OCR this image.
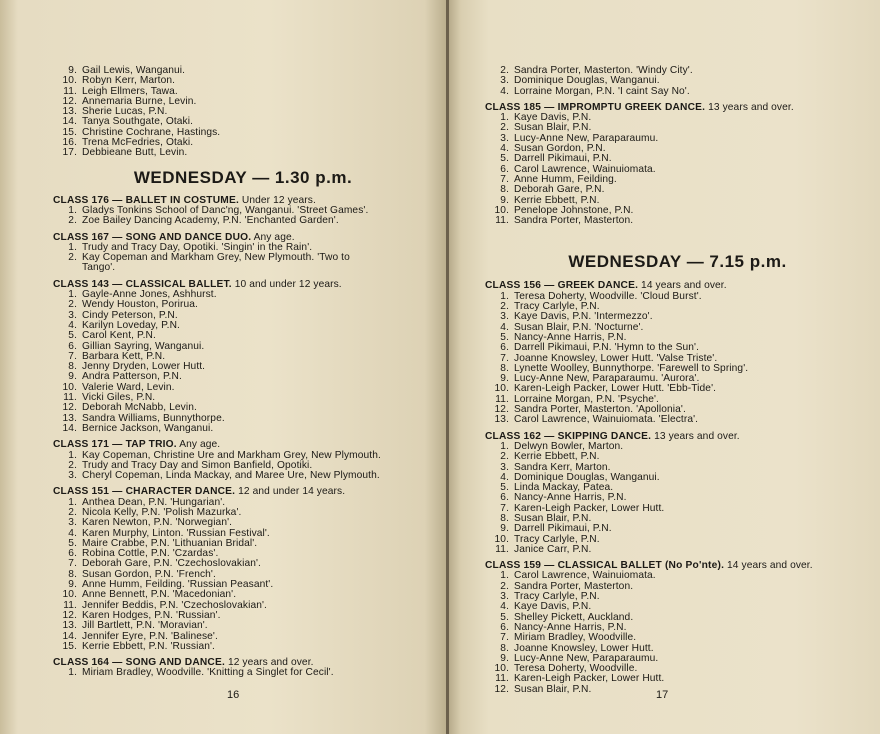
9. Gail Lewis, Wanganui.
10. Robyn Kerr, Marton.
11. Leigh Ellmers, Tawa.
12. Annemaria Burne, Levin.
13. Sherie Lucas, P.N.
14. Tanya Southgate, Otaki.
15. Christine Cochrane, Hastings.
16. Trena McFedries, Otaki.
17. Debbieane Butt, Levin.
WEDNESDAY — 1.30 p.m.
CLASS 176 — BALLET IN COSTUME. Under 12 years.
1. Gladys Tonkins School of Danc'ng, Wanganui. 'Street Games'.
2. Zoe Bailey Dancing Academy, P.N. 'Enchanted Garden'.
CLASS 167 — SONG AND DANCE DUO. Any age.
1. Trudy and Tracy Day, Opotiki. 'Singin' in the Rain'.
2. Kay Copeman and Markham Grey, New Plymouth. 'Two to
Tango'.
CLASS 143 — CLASSICAL BALLET. 10 and under 12 years.
1. Gayle-Anne Jones, Ashhurst.
2. Wendy Houston, Porirua.
3. Cindy Peterson, P.N.
4. Karilyn Loveday, P.N.
5. Carol Kent, P.N.
6. Gillian Sayring, Wanganui.
7. Barbara Kett, P.N.
8. Jenny Dryden, Lower Hutt.
9. Andra Patterson, P.N.
10. Valerie Ward, Levin.
11. Vicki Giles, P.N.
12. Deborah McNabb, Levin.
13. Sandra Williams, Bunnythorpe.
14. Bernice Jackson, Wanganui.
CLASS 171 — TAP TRIO. Any age.
1. Kay Copeman, Christine Ure and Markham Grey, New Plymouth.
2. Trudy and Tracy Day and Simon Banfield, Opotiki.
3. Cheryl Copeman, Linda Mackay, and Maree Ure, New Plymouth.
CLASS 151 — CHARACTER DANCE. 12 and under 14 years.
1. Anthea Dean, P.N. 'Hungarian'.
2. Nicola Kelly, P.N. 'Polish Mazurka'.
3. Karen Newton, P.N. 'Norwegian'.
4. Karen Murphy, Linton. 'Russian Festival'.
5. Maire Crabbe, P.N. 'Lithuanian Bridal'.
6. Robina Cottle, P.N. 'Czardas'.
7. Deborah Gare, P.N. 'Czechoslovakian'.
8. Susan Gordon, P.N. 'French'.
9. Anne Humm, Feilding. 'Russian Peasant'.
10. Anne Bennett, P.N. 'Macedonian'.
11. Jennifer Beddis, P.N. 'Czechoslovakian'.
12. Karen Hodges, P.N. 'Russian'.
13. Jill Bartlett, P.N. 'Moravian'.
14. Jennifer Eyre, P.N. 'Balinese'.
15. Kerrie Ebbett, P.N. 'Russian'.
CLASS 164 — SONG AND DANCE. 12 years and over.
1. Miriam Bradley, Woodville. 'Knitting a Singlet for Cecil'.
16
2. Sandra Porter, Masterton. 'Windy City'.
3. Dominique Douglas, Wanganui.
4. Lorraine Morgan, P.N. 'I caint Say No'.
CLASS 185 — IMPROMPTU GREEK DANCE. 13 years and over.
1. Kaye Davis, P.N.
2. Susan Blair, P.N.
3. Lucy-Anne New, Paraparaumu.
4. Susan Gordon, P.N.
5. Darrell Pikimaui, P.N.
6. Carol Lawrence, Wainuiomata.
7. Anne Humm, Feilding.
8. Deborah Gare, P.N.
9. Kerrie Ebbett, P.N.
10. Penelope Johnstone, P.N.
11. Sandra Porter, Masterton.
WEDNESDAY — 7.15 p.m.
CLASS 156 — GREEK DANCE. 14 years and over.
1. Teresa Doherty, Woodville. 'Cloud Burst'.
2. Tracy Carlyle, P.N.
3. Kaye Davis, P.N. 'Intermezzo'.
4. Susan Blair, P.N. 'Nocturne'.
5. Nancy-Anne Harris, P.N.
6. Darrell Pikimaui, P.N. 'Hymn to the Sun'.
7. Joanne Knowsley, Lower Hutt. 'Valse Triste'.
8. Lynette Woolley, Bunnythorpe. 'Farewell to Spring'.
9. Lucy-Anne New, Paraparaumu. 'Aurora'.
10. Karen-Leigh Packer, Lower Hutt. 'Ebb-Tide'.
11. Lorraine Morgan, P.N. 'Psyche'.
12. Sandra Porter, Masterton. 'Apollonia'.
13. Carol Lawrence, Wainuiomata. 'Electra'.
CLASS 162 — SKIPPING DANCE. 13 years and over.
1. Delwyn Bowler, Marton.
2. Kerrie Ebbett, P.N.
3. Sandra Kerr, Marton.
4. Dominique Douglas, Wanganui.
5. Linda Mackay, Patea.
6. Nancy-Anne Harris, P.N.
7. Karen-Leigh Packer, Lower Hutt.
8. Susan Blair, P.N.
9. Darrell Pikimaui, P.N.
10. Tracy Carlyle, P.N.
11. Janice Carr, P.N.
CLASS 159 — CLASSICAL BALLET (No Po'nte). 14 years and over.
1. Carol Lawrence, Wainuiomata.
2. Sandra Porter, Masterton.
3. Tracy Carlyle, P.N.
4. Kaye Davis, P.N.
5. Shelley Pickett, Auckland.
6. Nancy-Anne Harris, P.N.
7. Miriam Bradley, Woodville.
8. Joanne Knowsley, Lower Hutt.
9. Lucy-Anne New, Paraparaumu.
10. Teresa Doherty, Woodville.
11. Karen-Leigh Packer, Lower Hutt.
12. Susan Blair, P.N.	17
